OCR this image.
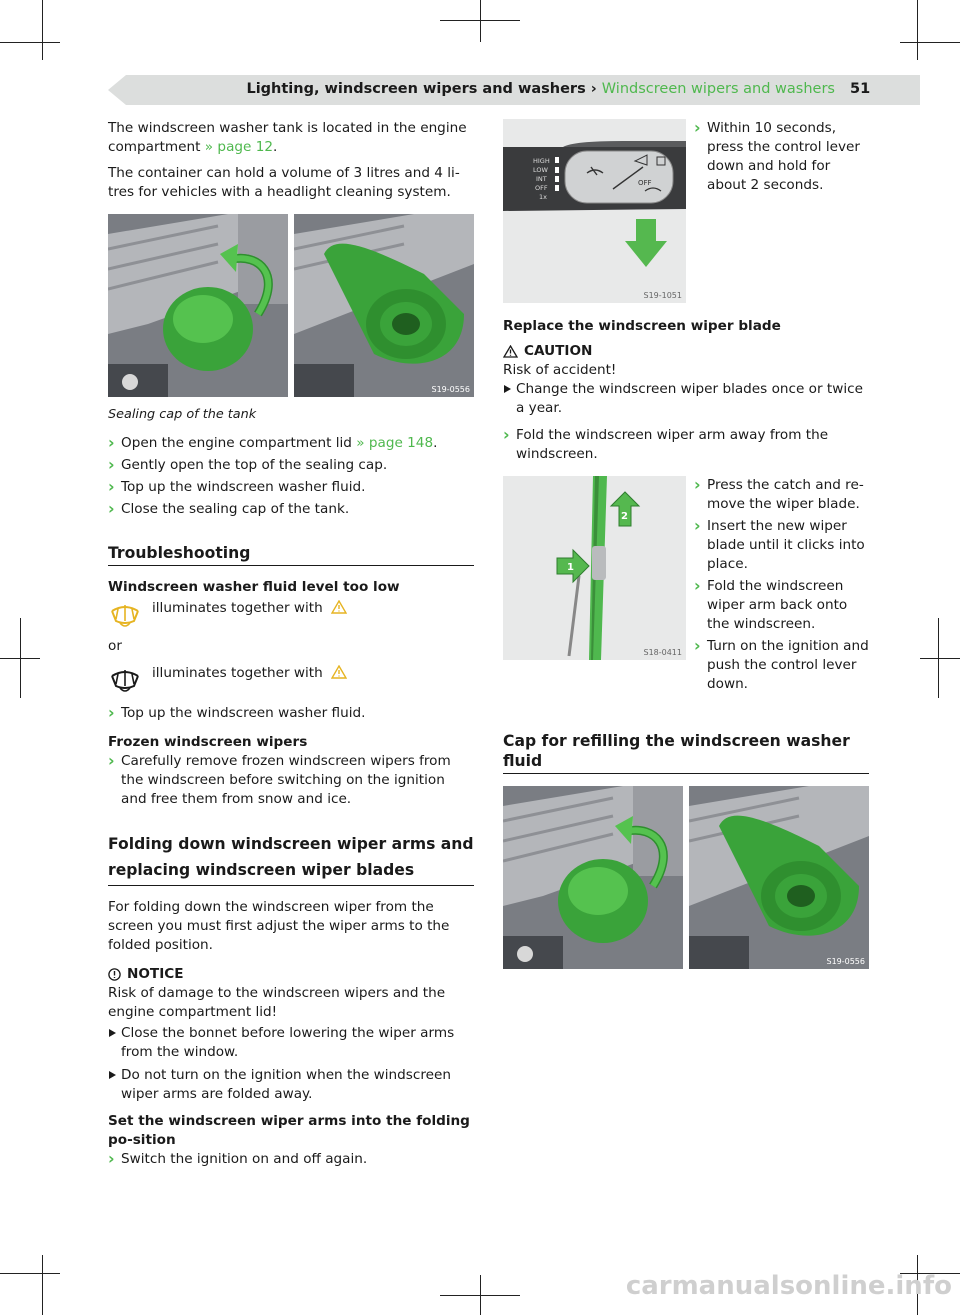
Lighting, windscreen wipers and washers › Windscreen wipers and washers 51

The windscreen washer tank is located in the engine compartment » page 12.

The container can hold a volume of 3 litres and 4 li-tres for vehicles with a headlight cleaning system.

S19-0556
Sealing cap of the tank
› Open the engine compartment lid » page 148.
› Gently open the top of the sealing cap.
› Top up the windscreen washer fluid.
› Close the sealing cap of the tank.
Troubleshooting
Windscreen washer fluid level too low
illuminates together with

or

illuminates together with
› Top up the windscreen washer fluid.
Frozen windscreen wipers
› Carefully remove frozen windscreen wipers from the windscreen before switching on the ignition and free them from snow and ice.
Folding down windscreen wiper arms and replacing windscreen wiper blades

For folding down the windscreen wiper from the screen you must first adjust the wiper arms to the folded position.

NOTICE

Risk of damage to the windscreen wipers and the engine compartment lid!

Close the bonnet before lowering the wiper arms from the window.
Do not turn on the ignition when the windscreen wiper arms are folded away.
Set the windscreen wiper arms into the folding po-sition
› Switch the ignition on and off again.
HIGH
LOW
INT
OFF
1x
OFF
S19-1051
› Within 10 seconds, press the control lever down and hold for about 2 seconds.
Replace the windscreen wiper blade
CAUTION

Risk of accident!

Change the windscreen wiper blades once or twice a year.
› Fold the windscreen wiper arm away from the windscreen.
1
2
S18-0411
› Press the catch and re-move the wiper blade.
› Insert the new wiper blade until it clicks into place.
› Fold the windscreen wiper arm back onto the windscreen.
› Turn on the ignition and push the control lever down.
Cap for refilling the windscreen washer fluid
S19-0556
carmanualsonline.info
